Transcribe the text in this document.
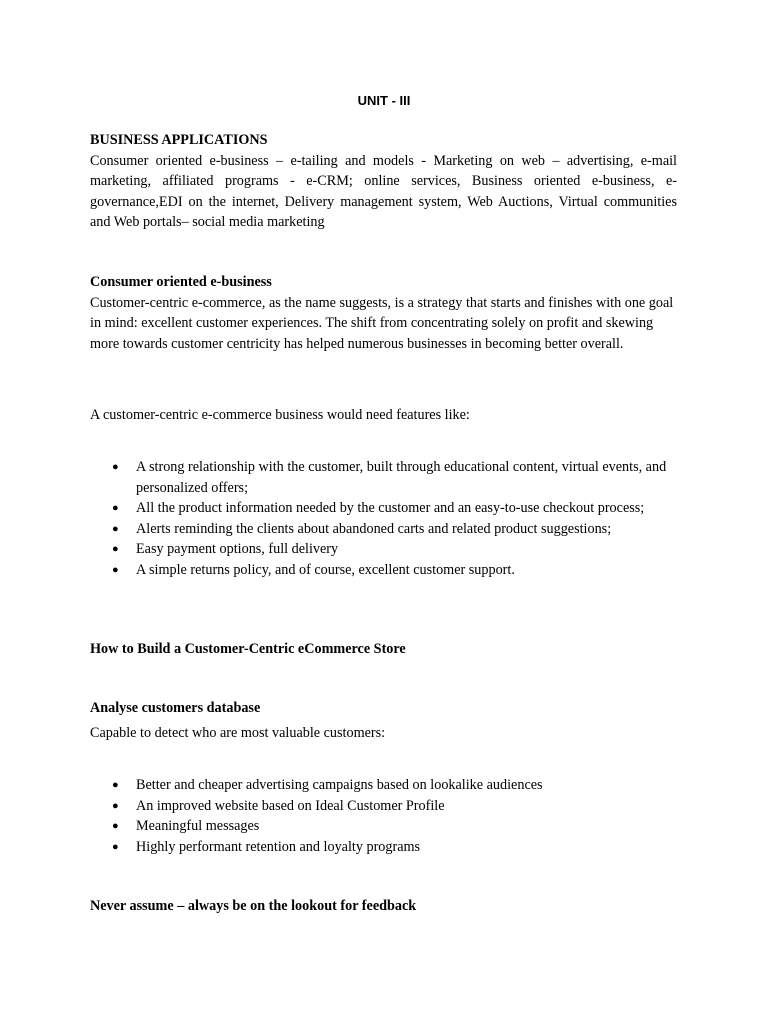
UNIT - III

BUSINESS APPLICATIONS

Consumer oriented e-business – e-tailing and models - Marketing on web – advertising, e-mail marketing, affiliated programs - e-CRM; online services, Business oriented e-business, e-governance,EDI on the internet, Delivery management system, Web Auctions, Virtual communities and Web portals– social media marketing

Consumer oriented e-business

Customer-centric e-commerce, as the name suggests, is a strategy that starts and finishes with one goal in mind: excellent customer experiences. The shift from concentrating solely on profit and skewing more towards customer centricity has helped numerous businesses in becoming better overall.

A customer-centric e-commerce business would need features like:

● A strong relationship with the customer, built through educational content, virtual events, and personalized offers;
● All the product information needed by the customer and an easy-to-use checkout process;
● Alerts reminding the clients about abandoned carts and related product suggestions;
● Easy payment options, full delivery
● A simple returns policy, and of course, excellent customer support.

How to Build a Customer-Centric eCommerce Store

Analyse customers database

Capable to detect who are most valuable customers:

● Better and cheaper advertising campaigns based on lookalike audiences
● An improved website based on Ideal Customer Profile
● Meaningful messages
● Highly performant retention and loyalty programs

Never assume – always be on the lookout for feedback
